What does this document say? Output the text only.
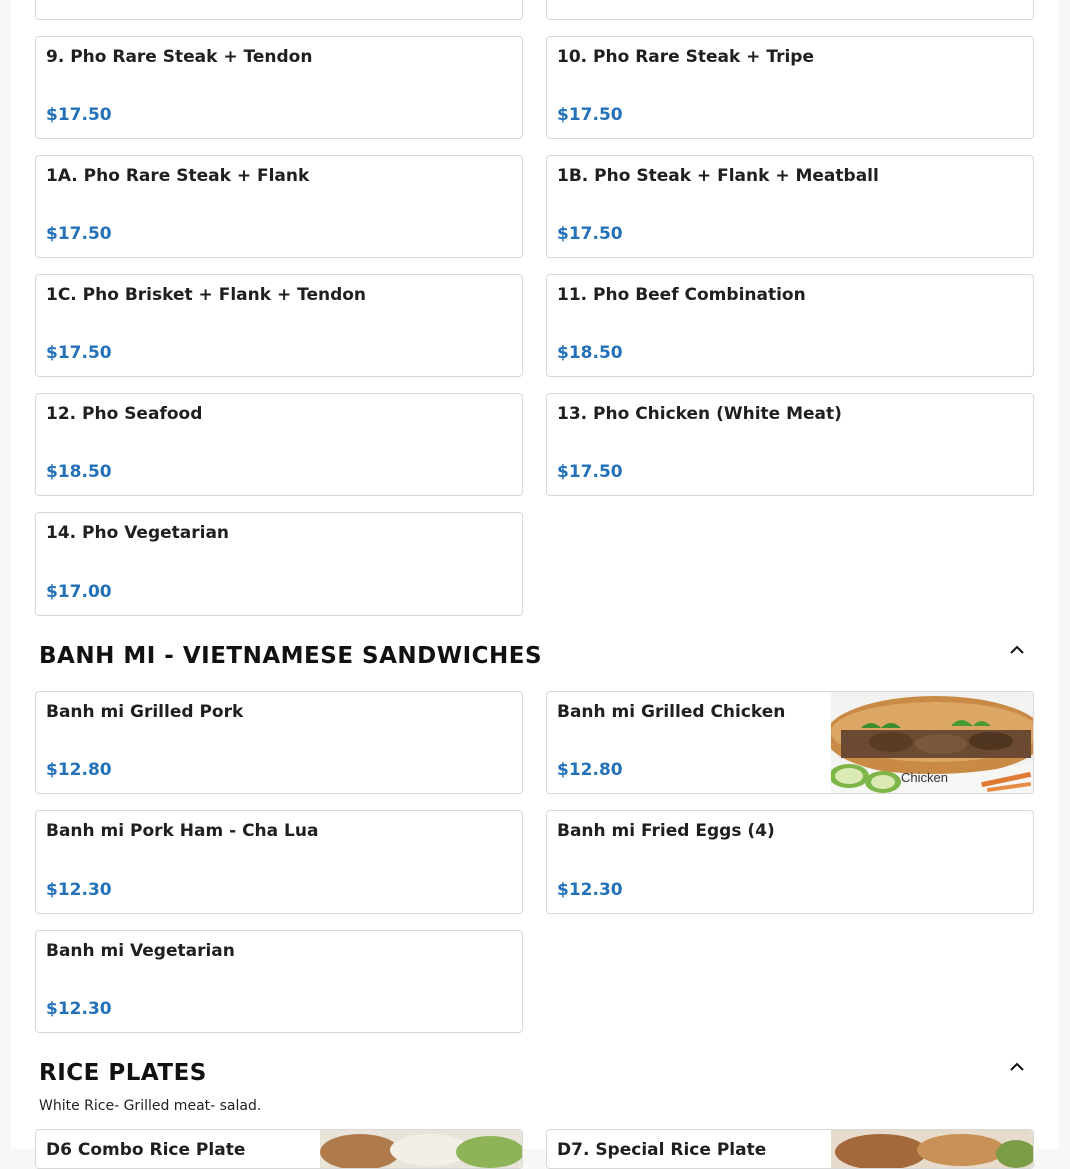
9. Pho Rare Steak + Tendon
$17.50
10. Pho Rare Steak + Tripe
$17.50
1A. Pho Rare Steak + Flank
$17.50
1B. Pho Steak + Flank + Meatball
$17.50
1C. Pho Brisket + Flank + Tendon
$17.50
11. Pho Beef Combination
$18.50
12. Pho Seafood
$18.50
13. Pho Chicken (White Meat)
$17.50
14. Pho Vegetarian
$17.00
BANH MI - VIETNAMESE SANDWICHES
Banh mi Grilled Pork
$12.80
Banh mi Grilled Chicken
$12.80	Chicken
Banh mi Pork Ham - Cha Lua
$12.30
Banh mi Fried Eggs (4)
$12.30
Banh mi Vegetarian
$12.30
RICE PLATES
White Rice- Grilled meat- salad.
D6 Combo Rice Plate	D7. Special Rice Plate
